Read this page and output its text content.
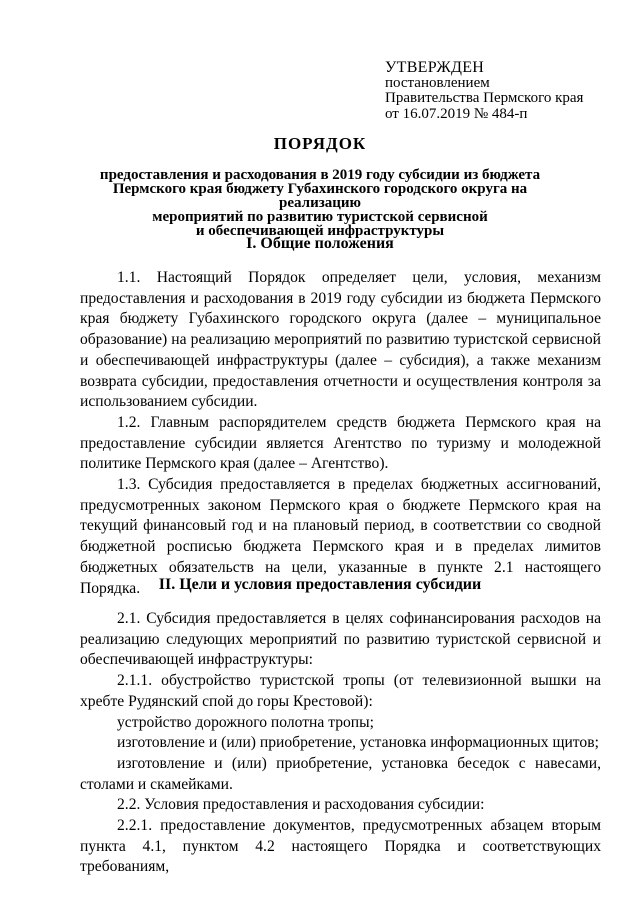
УТВЕРЖДЕН
постановлением
Правительства Пермского края
от 16.07.2019 № 484-п
ПОРЯДОК
предоставления и расходования в 2019 году субсидии из бюджета
Пермского края бюджету Губахинского городского округа на реализацию
мероприятий по развитию туристской сервисной
и обеспечивающей инфраструктуры
I. Общие положения

1.1. Настоящий Порядок определяет цели, условия, механизм предоставления и расходования в 2019 году субсидии из бюджета Пермского края бюджету Губахинского городского округа (далее – муниципальное образование) на реализацию мероприятий по развитию туристской сервисной и обеспечивающей инфраструктуры (далее – субсидия), а также механизм возврата субсидии, предоставления отчетности и осуществления контроля за использованием субсидии.

1.2. Главным распорядителем средств бюджета Пермского края на предоставление субсидии является Агентство по туризму и молодежной политике Пермского края (далее – Агентство).

1.3. Субсидия предоставляется в пределах бюджетных ассигнований, предусмотренных законом Пермского края о бюджете Пермского края на текущий финансовый год и на плановый период, в соответствии со сводной бюджетной росписью бюджета Пермского края и в пределах лимитов бюджетных обязательств на цели, указанные в пункте 2.1 настоящего Порядка.	II. Цели и условия предоставления субсидии

2.1. Субсидия предоставляется в целях софинансирования расходов на реализацию следующих мероприятий по развитию туристской сервисной и обеспечивающей инфраструктуры:

2.1.1. обустройство туристской тропы (от телевизионной вышки на хребте Рудянский спой до горы Крестовой):

устройство дорожного полотна тропы;

изготовление и (или) приобретение, установка информационных щитов;

изготовление и (или) приобретение, установка беседок с навесами, столами и скамейками.

2.2. Условия предоставления и расходования субсидии:

2.2.1. предоставление документов, предусмотренных абзацем вторым пункта 4.1, пунктом 4.2 настоящего Порядка и соответствующих требованиям,
